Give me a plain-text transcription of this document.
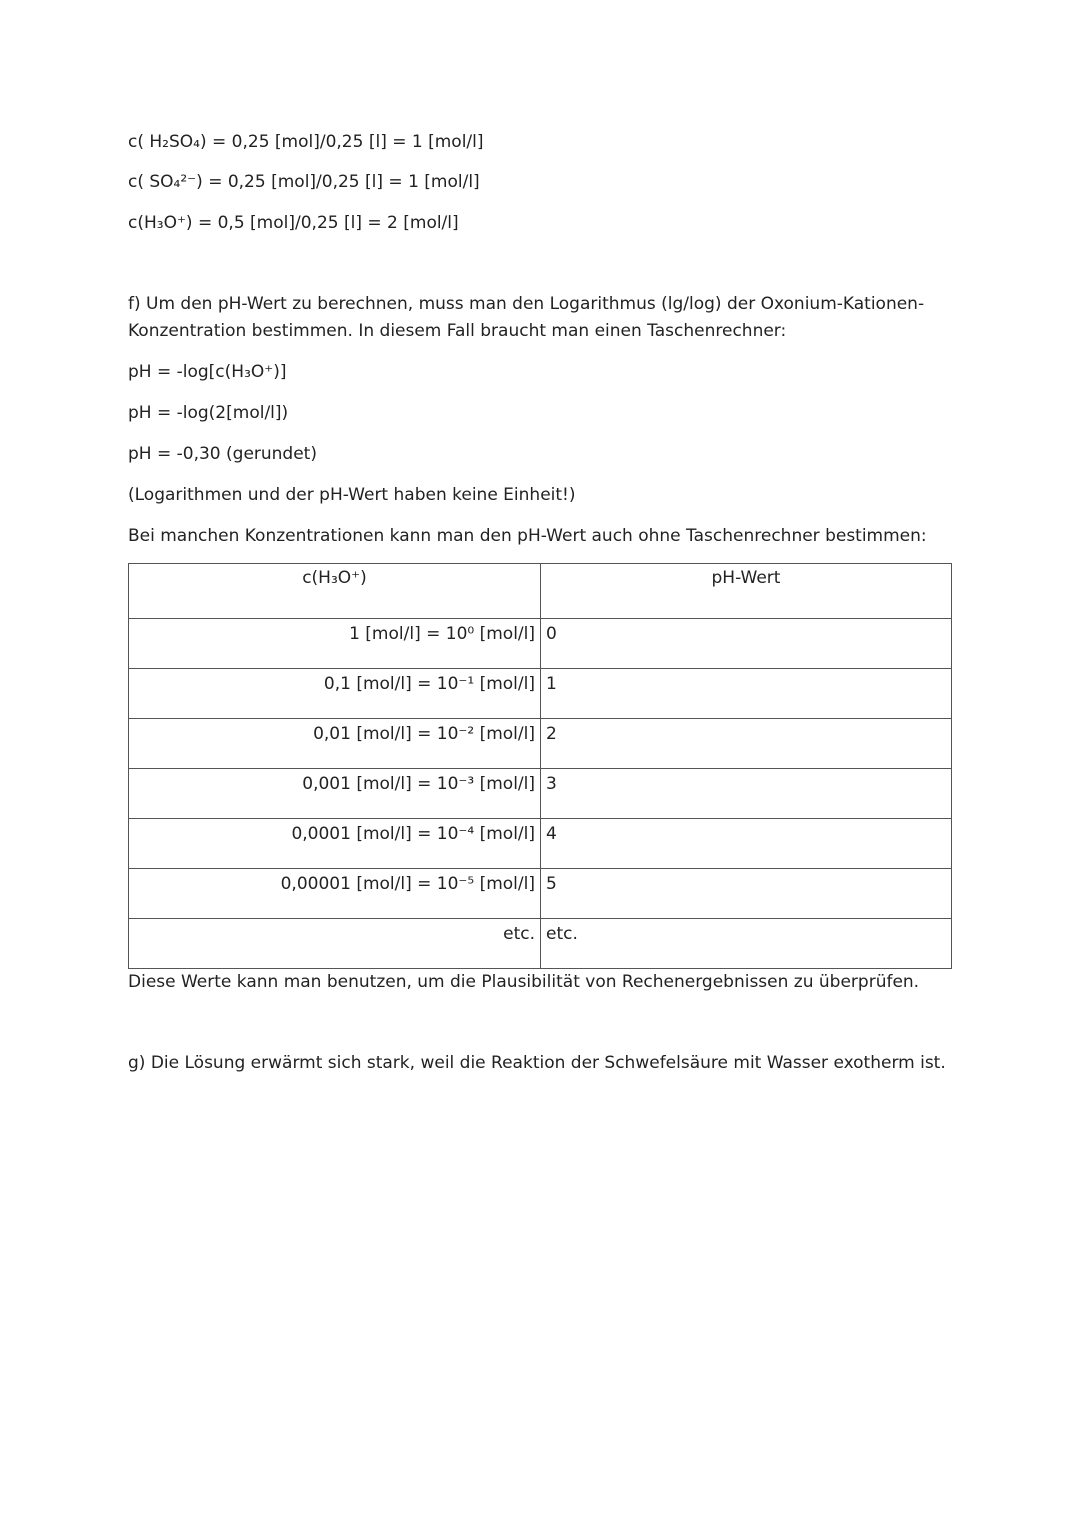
c( H₂SO₄) = 0,25 [mol]/0,25 [l] = 1 [mol/l]
c( SO₄²⁻) = 0,25 [mol]/0,25 [l] = 1 [mol/l]
c(H₃O⁺) = 0,5 [mol]/0,25 [l] = 2 [mol/l]
f) Um den pH-Wert zu berechnen, muss man den Logarithmus (lg/log) der Oxonium-Kationen-
Konzentration bestimmen. In diesem Fall braucht man einen Taschenrechner:
pH = -log[c(H₃O⁺)]
pH = -log(2[mol/l])
pH = -0,30 (gerundet)
(Logarithmen und der pH-Wert haben keine Einheit!)
Bei manchen Konzentrationen kann man den pH-Wert auch ohne Taschenrechner bestimmen:
c(H₃O⁺)	pH-Wert
1 [mol/l] = 10⁰ [mol/l]	0
0,1 [mol/l] = 10⁻¹ [mol/l]	1
0,01 [mol/l] = 10⁻² [mol/l]	2
0,001 [mol/l] = 10⁻³ [mol/l]	3
0,0001 [mol/l] = 10⁻⁴ [mol/l]	4
0,00001 [mol/l] = 10⁻⁵ [mol/l]	5
etc.	etc.
Diese Werte kann man benutzen, um die Plausibilität von Rechenergebnissen zu überprüfen.
g) Die Lösung erwärmt sich stark, weil die Reaktion der Schwefelsäure mit Wasser exotherm ist.
